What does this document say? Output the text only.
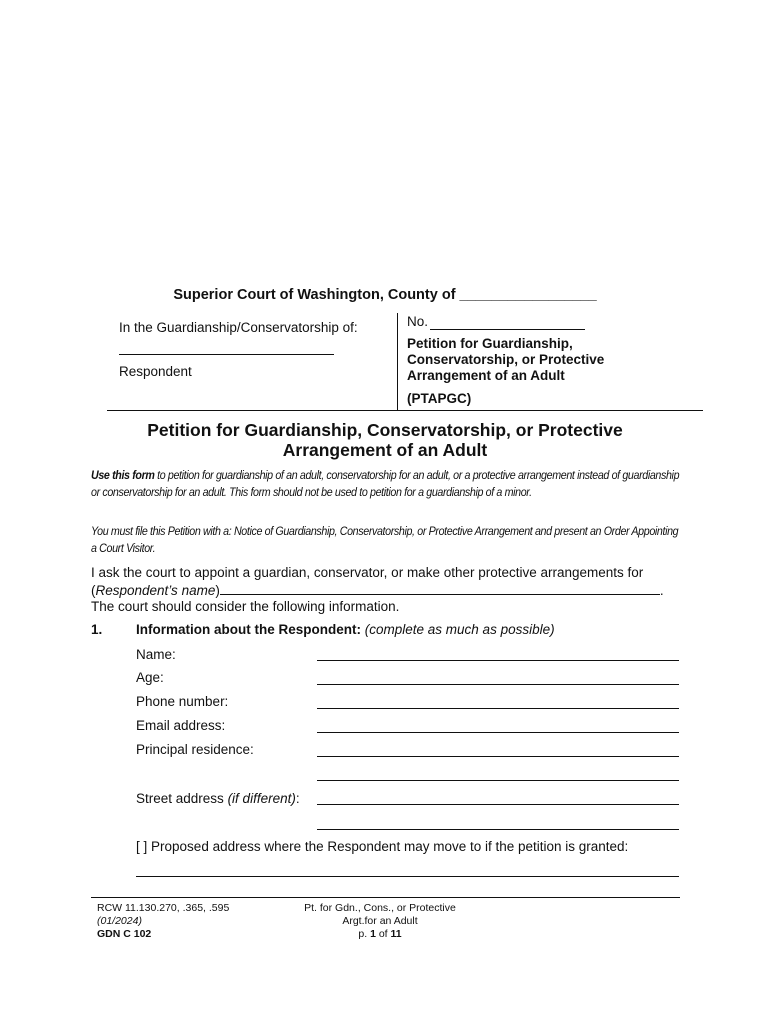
Superior Court of Washington, County of _________________
In the Guardianship/Conservatorship of:
Respondent
No.
Petition for Guardianship, Conservatorship, or Protective Arrangement of an Adult
(PTAPGC)
Petition for Guardianship, Conservatorship, or Protective
Arrangement of an Adult
Use this form to petition for guardianship of an adult, conservatorship for an adult, or a protective arrangement instead of guardianship or conservatorship for an adult. This form should not be used to petition for a guardianship of a minor.
You must file this Petition with a: Notice of Guardianship, Conservatorship, or Protective Arrangement and present an Order Appointing a Court Visitor.
I ask the court to appoint a guardian, conservator, or make other protective arrangements for
(Respondent’s name)	.
The court should consider the following information.
1. Information about the Respondent: (complete as much as possible)
Name:
Age:
Phone number:
Email address:
Principal residence:
Street address (if different):
[ ] Proposed address where the Respondent may move to if the petition is granted:
RCW 11.130.270, .365, .595
(01/2024)
GDN C 102
Pt. for Gdn., Cons., or Protective
Argt.for an Adult
p. 1 of 11
